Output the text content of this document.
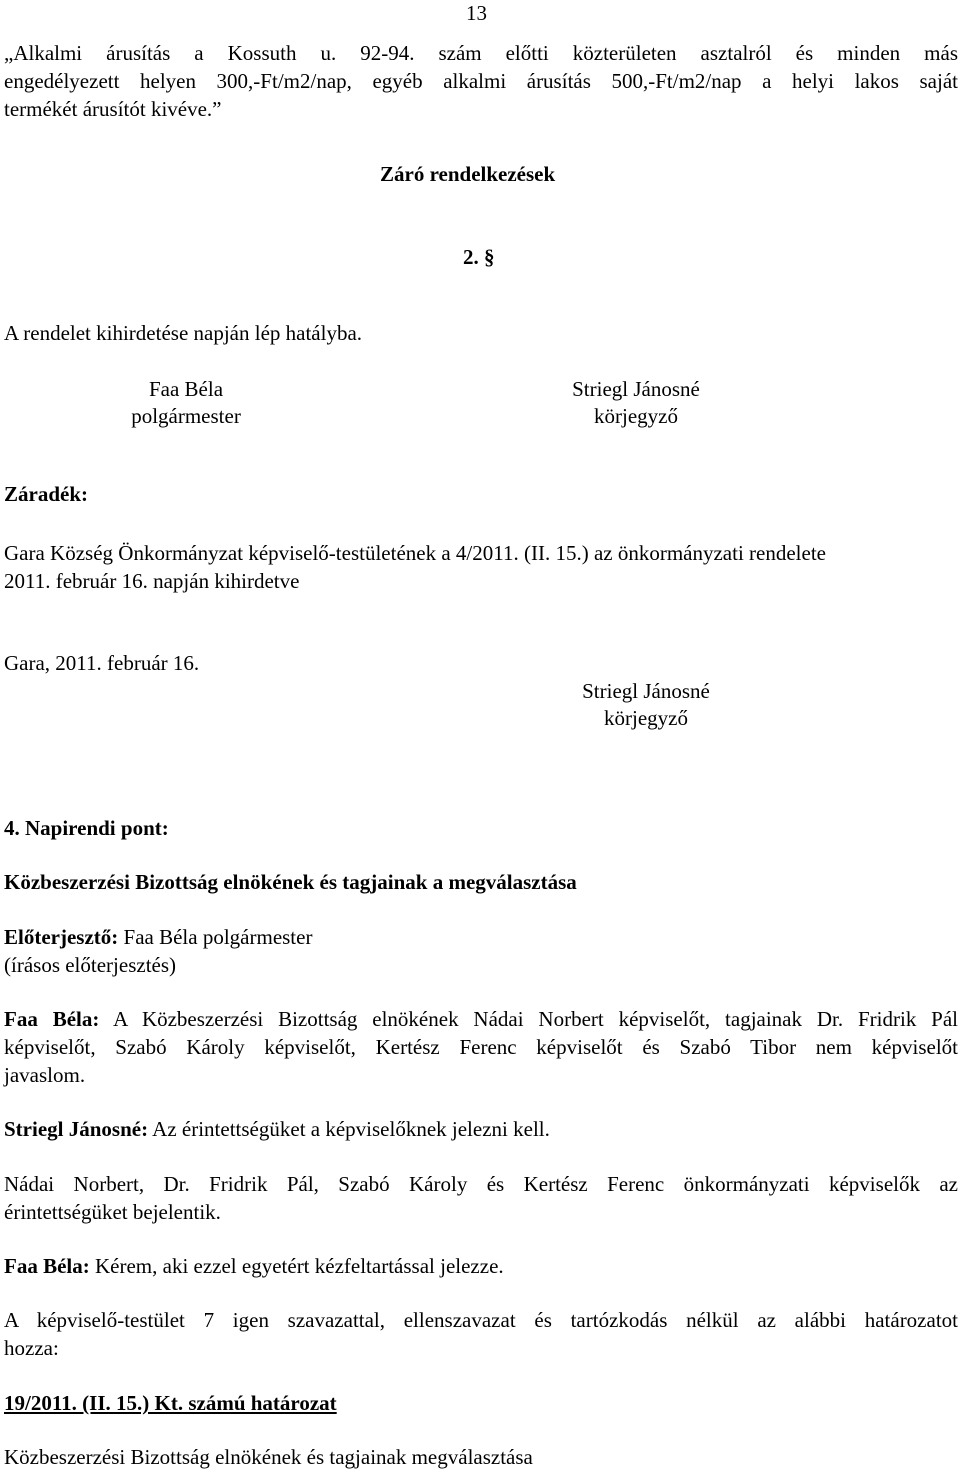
13
„Alkalmi árusítás a Kossuth u. 92-94. szám előtti közterületen asztalról és minden más
engedélyezett helyen 300,-Ft/m2/nap, egyéb alkalmi árusítás 500,-Ft/m2/nap a helyi lakos saját
termékét árusítót kivéve.”
Záró rendelkezések
2. §
A rendelet kihirdetése napján lép hatályba.
Faa Béla
polgármester
Striegl Jánosné
körjegyző
Záradék:
Gara Község Önkormányzat képviselő-testületének a 4/2011. (II. 15.) az önkormányzati rendelete
2011. február 16. napján kihirdetve
Gara, 2011. február 16.
Striegl Jánosné
körjegyző
4. Napirendi pont:
Közbeszerzési Bizottság elnökének és tagjainak a megválasztása
Előterjesztő: Faa Béla polgármester
(írásos előterjesztés)
Faa Béla: A Közbeszerzési Bizottság elnökének Nádai Norbert képviselőt, tagjainak Dr. Fridrik Pál
képviselőt, Szabó Károly képviselőt, Kertész Ferenc képviselőt és Szabó Tibor nem képviselőt
javaslom.
Striegl Jánosné: Az érintettségüket a képviselőknek jelezni kell.
Nádai Norbert, Dr. Fridrik Pál, Szabó Károly és Kertész Ferenc önkormányzati képviselők az
érintettségüket bejelentik.
Faa Béla: Kérem, aki ezzel egyetért kézfeltartással jelezze.
A képviselő-testület 7 igen szavazattal, ellenszavazat és tartózkodás nélkül az alábbi határozatot
hozza:
19/2011. (II. 15.) Kt. számú határozat
Közbeszerzési Bizottság elnökének és tagjainak megválasztása
